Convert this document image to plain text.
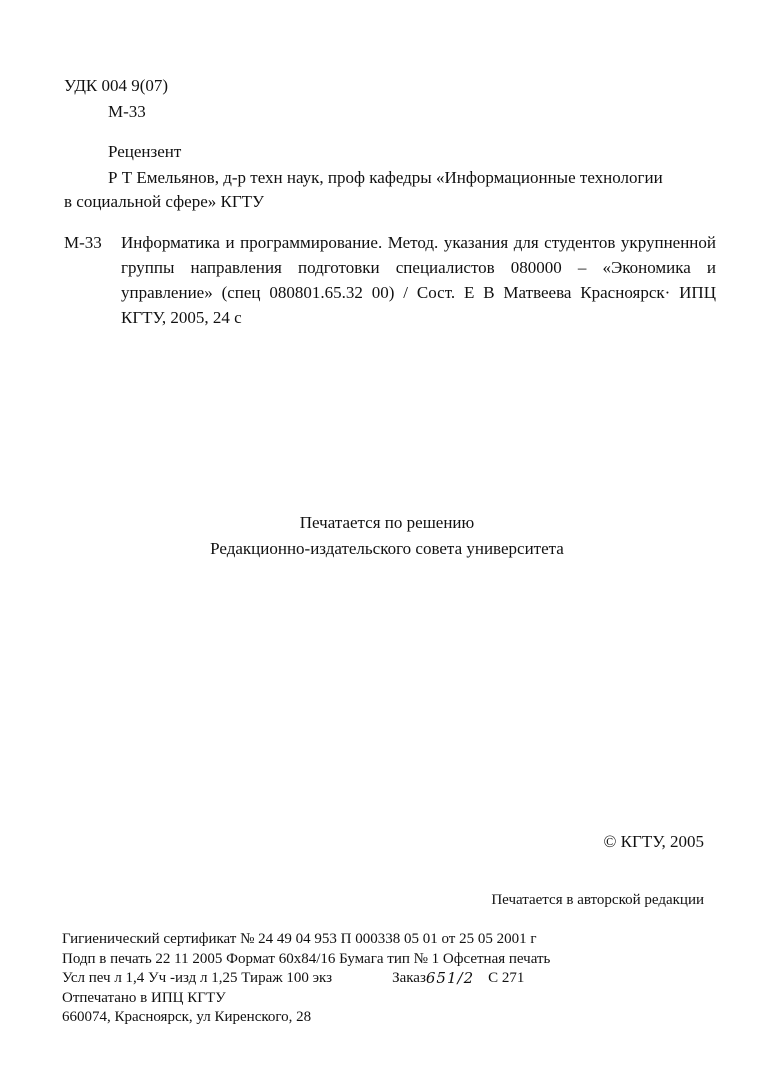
УДК 004 9(07)
М-33
Рецензент
Р Т Емельянов, д-р техн наук, проф кафедры «Информационные технологии
в социальной сфере» КГТУ
М-33 Информатика и программирование. Метод. указания для студентов укрупненной группы направления подготовки специалистов 080000 – «Экономика и управление» (спец 080801.65.32 00) / Сост. Е В Матвеева Красноярск· ИПЦ КГТУ, 2005, 24 с
Печатается по решению
Редакционно-издательского совета университета
© КГТУ, 2005
Печатается в авторской редакции
Гигиенический сертификат № 24 49 04 953 П 000338 05 01 от 25 05 2001 г
Подп в печать 22 11 2005 Формат 60х84/16 Бумага тип № 1 Офсетная печать
Усл печ л 1,4 Уч -изд л 1,25 Тираж 100 экз	Заказ 651/2 С 271
Отпечатано в ИПЦ КГТУ
660074, Красноярск, ул Киренского, 28
